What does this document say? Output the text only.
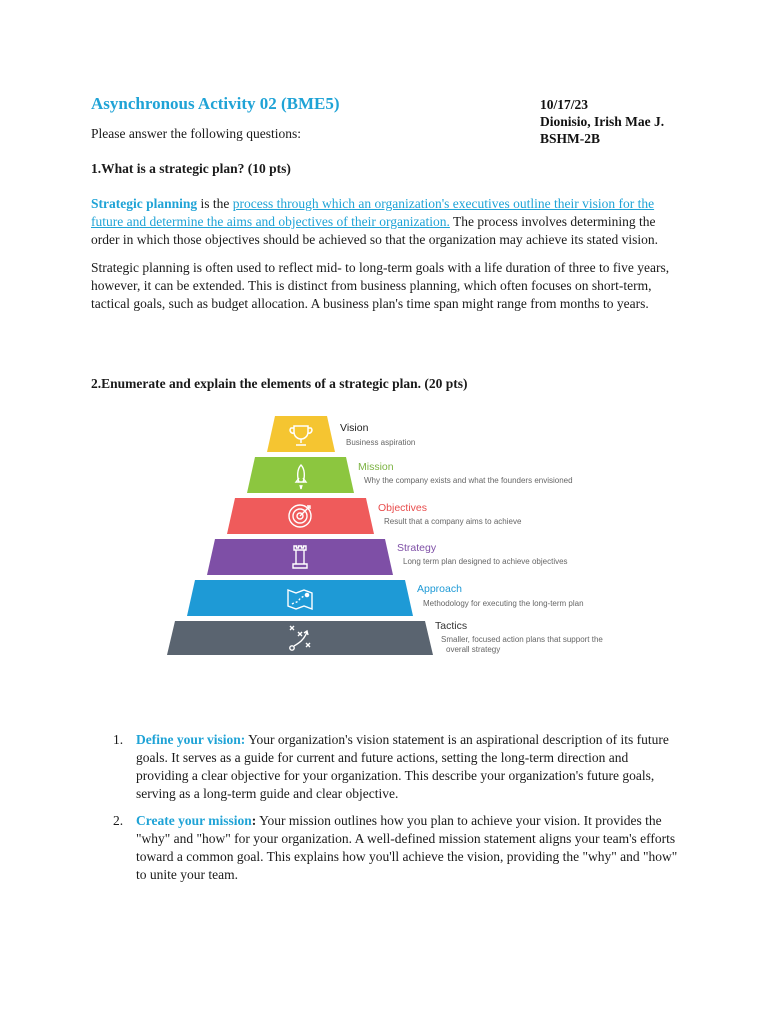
Asynchronous Activity 02 (BME5)	10/17/23
Dionisio, Irish Mae J.
BSHM-2B
Please answer the following questions:
1.What is a strategic plan? (10 pts)
Strategic planning is the process through which an organization's executives outline their vision for the future and determine the aims and objectives of their organization. The process involves determining the order in which those objectives should be achieved so that the organization may achieve its stated vision.
Strategic planning is often used to reflect mid- to long-term goals with a life duration of three to five years, however, it can be extended. This is distinct from business planning, which often focuses on short-term, tactical goals, such as budget allocation. A business plan's time span might range from months to years.
2.Enumerate and explain the elements of a strategic plan. (20 pts)
Vision
Business aspiration
Mission
Why the company exists and what the founders envisioned
Objectives
Result that a company aims to achieve
Strategy
Long term plan designed to achieve objectives
Approach
Methodology for executing the long-term plan
Tactics
Smaller, focused action plans that support the
overall strategy
1. Define your vision: Your organization's vision statement is an aspirational description of its future goals. It serves as a guide for current and future actions, setting the long-term direction and providing a clear objective for your organization. This describe your organization's future goals, serving as a long-term guide and clear objective.
2. Create your mission: Your mission outlines how you plan to achieve your vision. It provides the "why" and "how" for your organization. A well-defined mission statement aligns your team's efforts toward a common goal. This explains how you'll achieve the vision, providing the "why" and "how" to unite your team.
